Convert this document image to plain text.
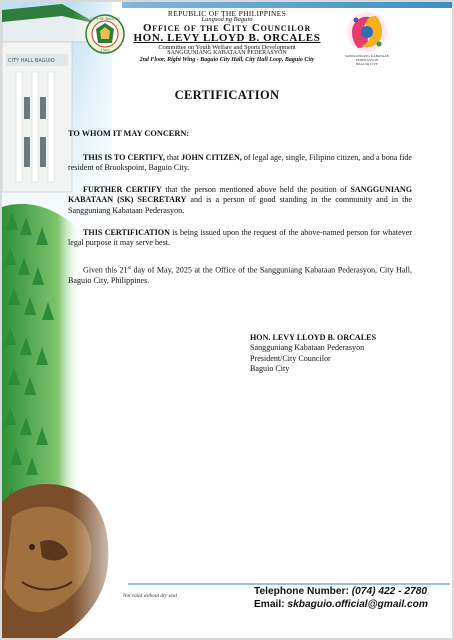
CITY HALL BAGUIO
CITY OF BAGUIO
1909
REPUBLIC OF THE PHILIPPINES
Lungsod ng Baguio
Office of the City Councilor
HON. LEVY LLOYD B. ORCALES
Committee on Youth Welfare and Sports Development
SANGGUNIANG KABATAAN PEDERASYON
2nd Floor, Right Wing - Baguio City Hall, City Hall Loop, Baguio City
SANGGUNIANG KABATAAN
PEDERASYON
BAGUIO CITY
CERTIFICATION
TO WHOM IT MAY CONCERN:
THIS IS TO CERTIFY, that JOHN CITIZEN, of legal age, single, Filipino citizen, and a bona fide resident of Brookspoint, Baguio City.
FURTHER CERTIFY that the person mentioned above held the position of SANGGUNIANG KABATAAN (SK) SECRETARY and is a person of good standing in the community and in the Sangguniang Kabataan Pederasyon.
THIS CERTIFICATION is being issued upon the request of the above-named person for whatever legal purpose it may serve best.
Given this 21st day of May, 2025 at the Office of the Sangguniang Kabataan Pederasyon, City Hall, Baguio City, Philippines.
HON. LEVY LLOYD B. ORCALES
Sangguniang Kabataan Pederasyon
President/City Councilor
Baguio City
Not valid without dry seal	Telephone Number: (074) 422 - 2780
Email: skbaguio.official@gmail.com
